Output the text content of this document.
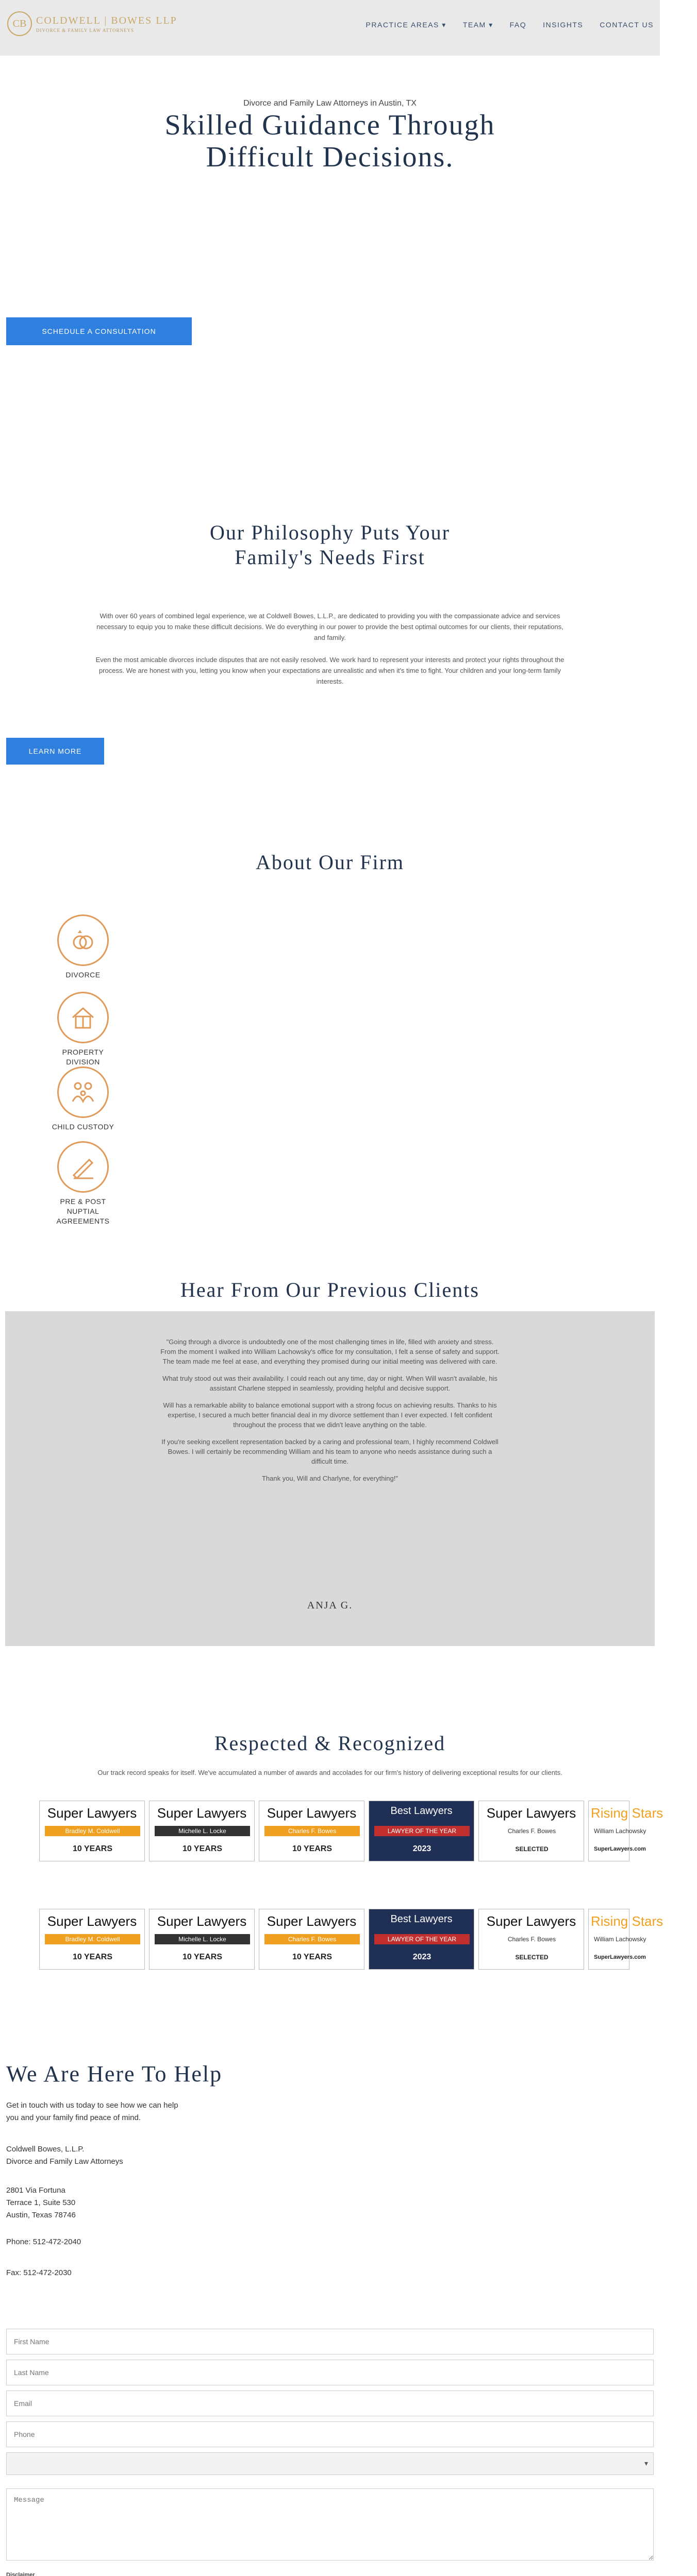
CB COLDWELL | BOWES LLP
DIVORCE & FAMILY LAW ATTORNEYS
PRACTICE AREAS ▾ TEAM ▾ FAQ INSIGHTS CONTACT US
Divorce and Family Law Attorneys in Austin, TX
Skilled Guidance Through
Difficult Decisions.
SCHEDULE A CONSULTATION
Our Philosophy Puts Your
Family's Needs First
With over 60 years of combined legal experience, we at Coldwell Bowes, L.L.P., are dedicated to providing you with the compassionate advice and services necessary to equip you to make these difficult decisions. We do everything in our power to provide the best optimal outcomes for our clients, their reputations, and family.
Even the most amicable divorces include disputes that are not easily resolved. We work hard to represent your interests and protect your rights throughout the process. We are honest with you, letting you know when your expectations are unrealistic and when it's time to fight. Your children and your long-term family interests.
LEARN MORE
About Our Firm
DIVORCE
PROPERTY DIVISION
CHILD CUSTODY
PRE & POST NUPTIAL AGREEMENTS
Hear From Our Previous Clients

"Going through a divorce is undoubtedly one of the most challenging times in life, filled with anxiety and stress. From the moment I walked into William Lachowsky's office for my consultation, I felt a sense of safety and support. The team made me feel at ease, and everything they promised during our initial meeting was delivered with care.

What truly stood out was their availability. I could reach out any time, day or night. When Will wasn't available, his assistant Charlene stepped in seamlessly, providing helpful and decisive support.

Will has a remarkable ability to balance emotional support with a strong focus on achieving results. Thanks to his expertise, I secured a much better financial deal in my divorce settlement than I ever expected. I felt confident throughout the process that we didn't leave anything on the table.

If you're seeking excellent representation backed by a caring and professional team, I highly recommend Coldwell Bowes. I will certainly be recommending William and his team to anyone who needs assistance during such a difficult time.

Thank you, Will and Charlyne, for everything!"

ANJA G.
Respected & Recognized
Our track record speaks for itself. We've accumulated a number of awards and accolades for our firm's history of delivering exceptional results for our clients.
Super Lawyers
Bradley M. Coldwell
10 YEARS
Super Lawyers
Michelle L. Locke
10 YEARS
Super Lawyers
Charles F. Bowes
10 YEARS
Best Lawyers
LAWYER OF THE YEAR
2023
Super Lawyers
Charles F. Bowes
SELECTED
Rising Stars
William Lachowsky
SuperLawyers.com
Super Lawyers
Bradley M. Coldwell
10 YEARS
Super Lawyers
Michelle L. Locke
10 YEARS
Super Lawyers
Charles F. Bowes
10 YEARS
Best Lawyers
LAWYER OF THE YEAR
2023
Super Lawyers
Charles F. Bowes
SELECTED
Rising Stars
William Lachowsky
SuperLawyers.com
We Are Here To Help
Get in touch with us today to see how we can help
you and your family find peace of mind.
Coldwell Bowes, L.L.P.
Divorce and Family Law Attorneys
2801 Via Fortuna
Terrace 1, Suite 530
Austin, Texas 78746
Phone: 512-472-2040
Fax: 512-472-2030
First Name
Last Name
Email
Phone
▾
Message
Disclaimer
